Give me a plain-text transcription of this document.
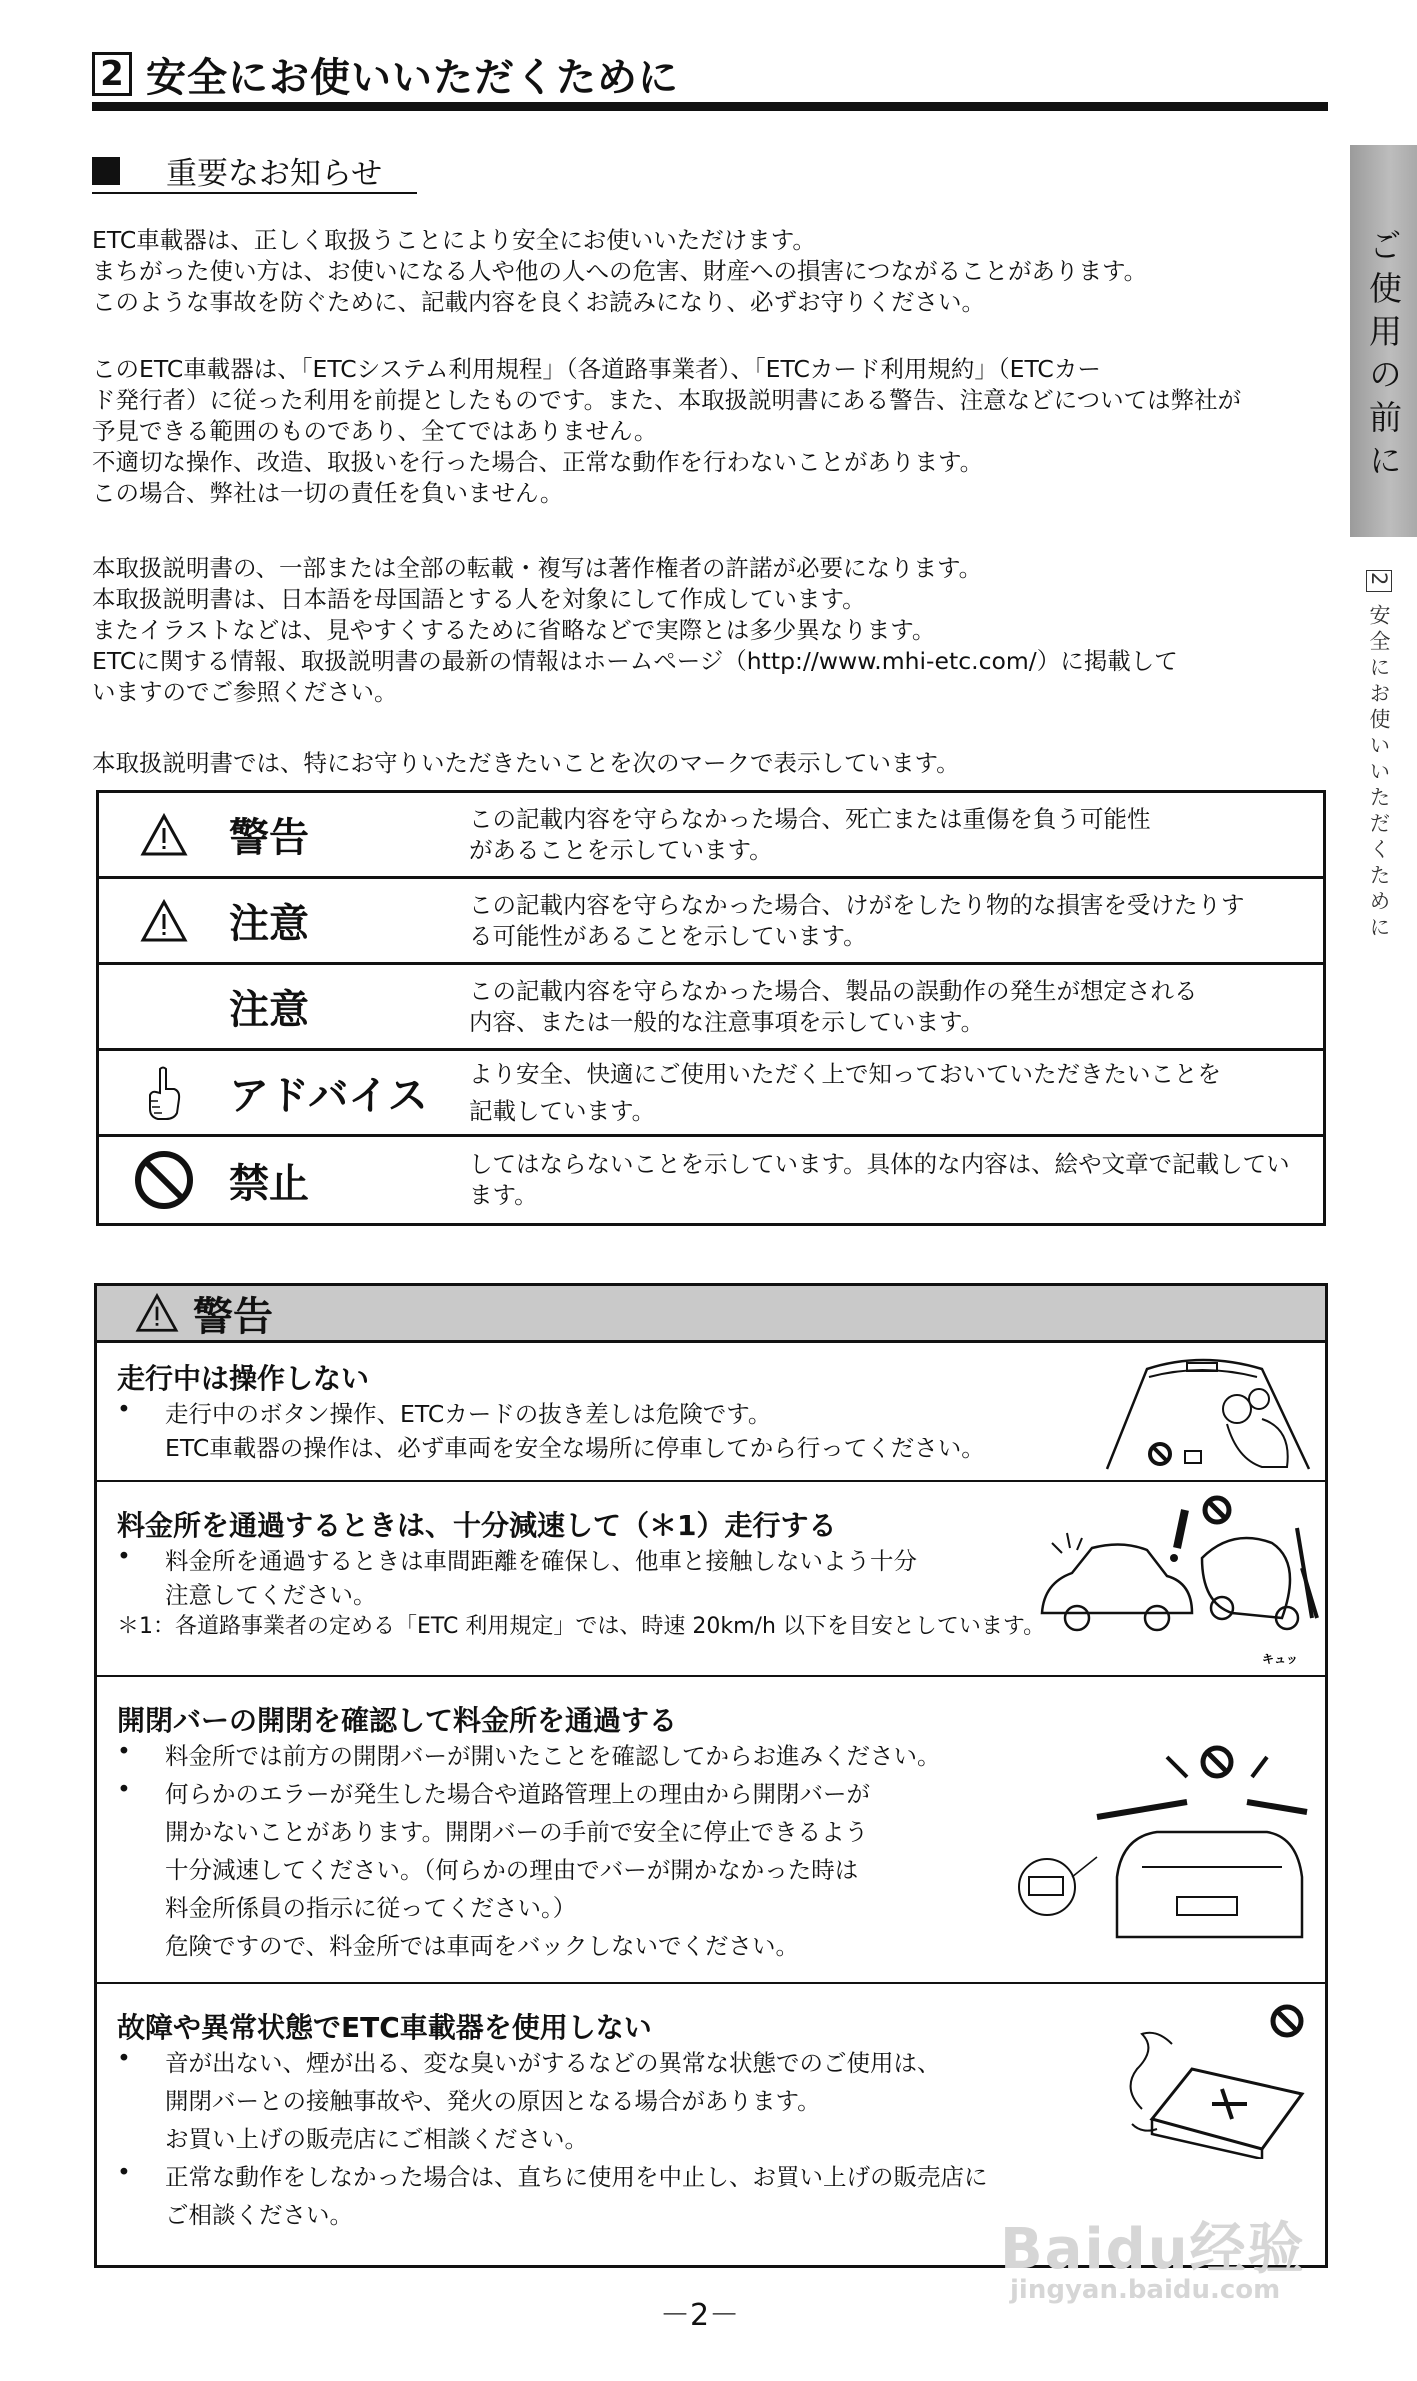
2 安全にお使いいただくために
ご使用の前に
2 安全にお使いいただくために
重要なお知らせ
ETC車載器は、正しく取扱うことにより安全にお使いいただけます。
まちがった使い方は、お使いになる人や他の人への危害、財産への損害につながることがあります。
このような事故を防ぐために、記載内容を良くお読みになり、必ずお守りください。
このETC車載器は、「ETCシステム利用規程」（各道路事業者）、「ETCカード利用規約」（ETCカー
ド発行者）に従った利用を前提としたものです。また、本取扱説明書にある警告、注意などについては弊社が
予見できる範囲のものであり、全てではありません。
不適切な操作、改造、取扱いを行った場合、正常な動作を行わないことがあります。
この場合、弊社は一切の責任を負いません。
本取扱説明書の、一部または全部の転載・複写は著作権者の許諾が必要になります。
本取扱説明書は、日本語を母国語とする人を対象にして作成しています。
またイラストなどは、見やすくするために省略などで実際とは多少異なります。
ETCに関する情報、取扱説明書の最新の情報はホームページ（http://www.mhi-etc.com/）に掲載して
いますのでご参照ください。
本取扱説明書では、特にお守りいただきたいことを次のマークで表示しています。
警告	この記載内容を守らなかった場合、死亡または重傷を負う可能性
があることを示しています。
注意	この記載内容を守らなかった場合、けがをしたり物的な損害を受けたりす
る可能性があることを示しています。
注意	この記載内容を守らなかった場合、製品の誤動作の発生が想定される
内容、または一般的な注意事項を示しています。
アドバイス	より安全、快適にご使用いただく上で知っておいていただきたいことを
記載しています。
禁止	してはならないことを示しています。具体的な内容は、絵や文章で記載してい
ます。
警告
走行中は操作しない
• 走行中のボタン操作、ETCカードの抜き差しは危険です。
ETC車載器の操作は、必ず車両を安全な場所に停車してから行ってください。
料金所を通過するときは、十分減速して（＊1）走行する
• 料金所を通過するときは車間距離を確保し、他車と接触しないよう十分
注意してください。
＊1：各道路事業者の定める「ETC 利用規定」では、時速 20km/h 以下を目安としています。
キュッ
開閉バーの開閉を確認して料金所を通過する
• 料金所では前方の開閉バーが開いたことを確認してからお進みください。
• 何らかのエラーが発生した場合や道路管理上の理由から開閉バーが
開かないことがあります。開閉バーの手前で安全に停止できるよう
十分減速してください。（何らかの理由でバーが開かなかった時は
料金所係員の指示に従ってください。）
危険ですので、料金所では車両をバックしないでください。
故障や異常状態でETC車載器を使用しない
• 音が出ない、煙が出る、変な臭いがするなどの異常な状態でのご使用は、
開閉バーとの接触事故や、発火の原因となる場合があります。
お買い上げの販売店にご相談ください。
• 正常な動作をしなかった場合は、直ちに使用を中止し、お買い上げの販売店に
ご相談ください。
Baidu经验
jingyan.baidu.com
－2－
